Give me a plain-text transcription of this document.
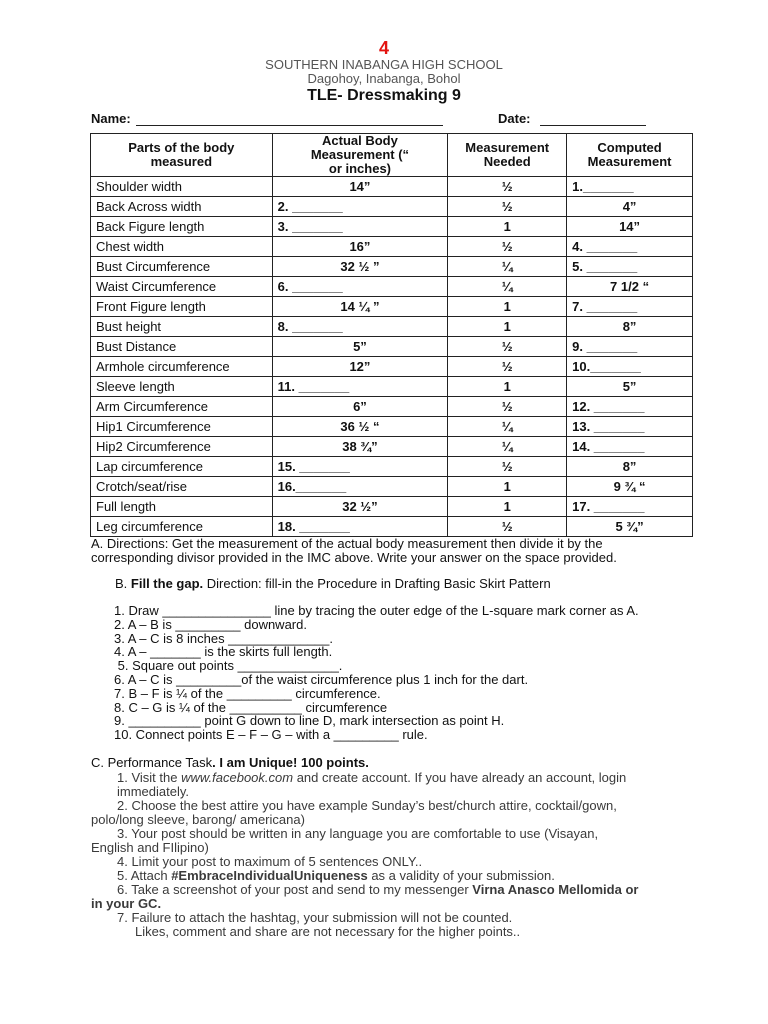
4
SOUTHERN INABANGA HIGH SCHOOL
Dagohoy, Inabanga, Bohol
TLE- Dressmaking 9
Name:	Date:
Parts of the body measured	Actual Body Measurement (“ or inches)	Measurement Needed	Computed Measurement
Shoulder width	14”	½	1._______
Back Across width	2. _______	½	4”
Back Figure length	3. _______	1	14”
Chest width	16”	½	4. _______
Bust Circumference	32 ½ ”	¼	5. _______
Waist Circumference	6. _______	¼	7 1/2 “
Front Figure length	14 ¼ ”	1	7. _______
Bust height	8. _______	1	8”
Bust Distance	5”	½	9. _______
Armhole circumference	12”	½	10._______
Sleeve length	11. _______	1	5”
Arm Circumference	6”	½	12. _______
Hip1 Circumference	36 ½ “	¼	13. _______
Hip2 Circumference	38 ¾”	¼	14. _______
Lap circumference	15. _______	½	8”
Crotch/seat/rise	16._______	1	9 ¾ “
Full length	32 ½”	1	17. _______
Leg circumference	18. _______	½	5 ¾”
A. Directions: Get the measurement of the actual body measurement then divide it by the corresponding divisor provided in the IMC above. Write your answer on the space provided.
B. Fill the gap. Direction: fill-in the Procedure in Drafting Basic Skirt Pattern
1. Draw _______________ line by tracing the outer edge of the L-square mark corner as A.
2. A – B is _________ downward.
3. A – C is 8 inches ______________.
4. A – _______ is the skirts full length.
5. Square out points ______________.
6. A – C is _________of the waist circumference plus 1 inch for the dart.
7. B – F is ¼ of the _________ circumference.
8. C – G is ¼ of the __________ circumference
9. __________ point G down to line D, mark intersection as point H.
10. Connect points E – F – G – with a _________ rule.
C. Performance Task. I am Unique! 100 points.
1. Visit the www.facebook.com and create account. If you have already an account, login
immediately.
2. Choose the best attire you have example Sunday’s best/church attire, cocktail/gown,
polo/long sleeve, barong/ americana)
3. Your post should be written in any language you are comfortable to use (Visayan,
English and FIlipino)
4. Limit your post to maximum of 5 sentences ONLY..
5. Attach #EmbraceIndividualUniqueness as a validity of your submission.
6. Take a screenshot of your post and send to my messenger Virna Anasco Mellomida or
in your GC.
7. Failure to attach the hashtag, your submission will not be counted.
Likes, comment and share are not necessary for the higher points..
